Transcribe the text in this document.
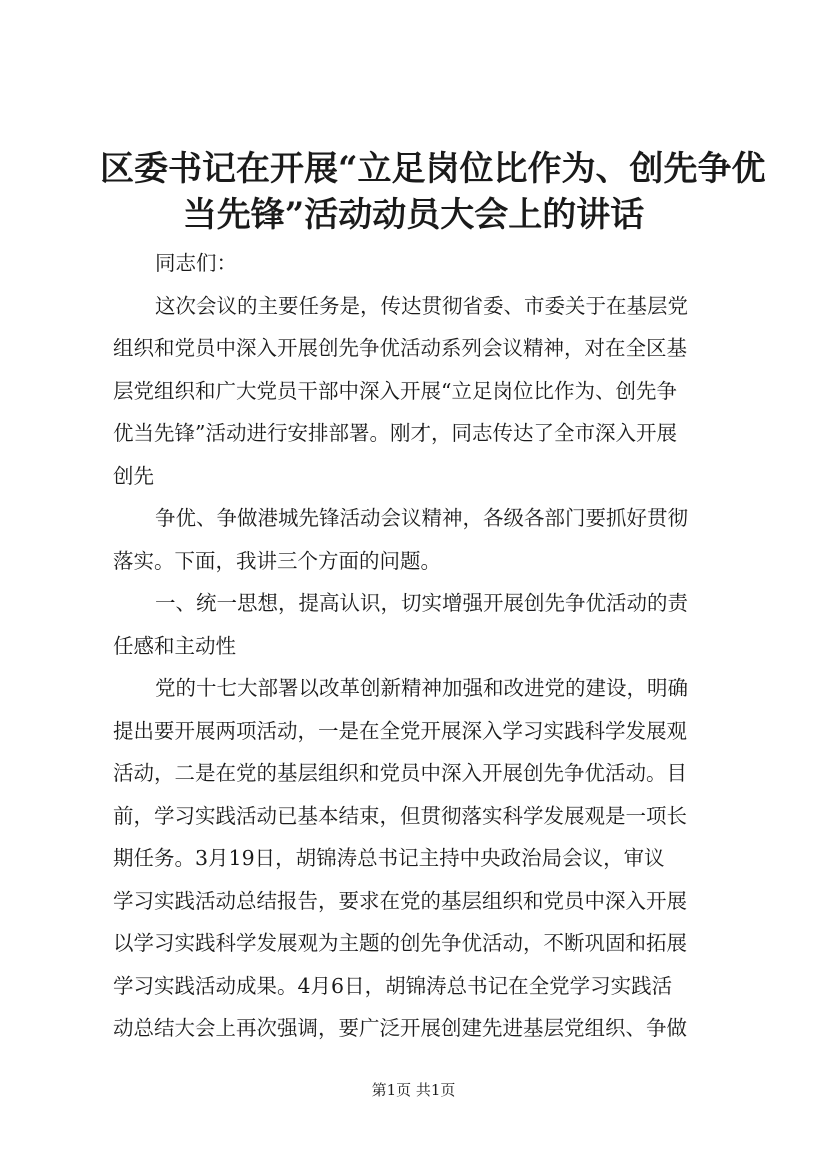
区委书记在开展“立足岗位比作为、创先争优
当先锋”活动动员大会上的讲话
同志们：
这次会议的主要任务是，传达贯彻省委、市委关于在基层党
组织和党员中深入开展创先争优活动系列会议精神，对在全区基
层党组织和广大党员干部中深入开展“立足岗位比作为、创先争
优当先锋”活动进行安排部署。刚才，同志传达了全市深入开展
创先
争优、争做港城先锋活动会议精神，各级各部门要抓好贯彻
落实。下面，我讲三个方面的问题。
一、统一思想，提高认识，切实增强开展创先争优活动的责
任感和主动性
党的十七大部署以改革创新精神加强和改进党的建设，明确
提出要开展两项活动，一是在全党开展深入学习实践科学发展观
活动，二是在党的基层组织和党员中深入开展创先争优活动。目
前，学习实践活动已基本结束，但贯彻落实科学发展观是一项长
期任务。3月19日，胡锦涛总书记主持中央政治局会议，审议
学习实践活动总结报告，要求在党的基层组织和党员中深入开展
以学习实践科学发展观为主题的创先争优活动，不断巩固和拓展
学习实践活动成果。4月6日，胡锦涛总书记在全党学习实践活
动总结大会上再次强调，要广泛开展创建先进基层党组织、争做
第1页 共1页
